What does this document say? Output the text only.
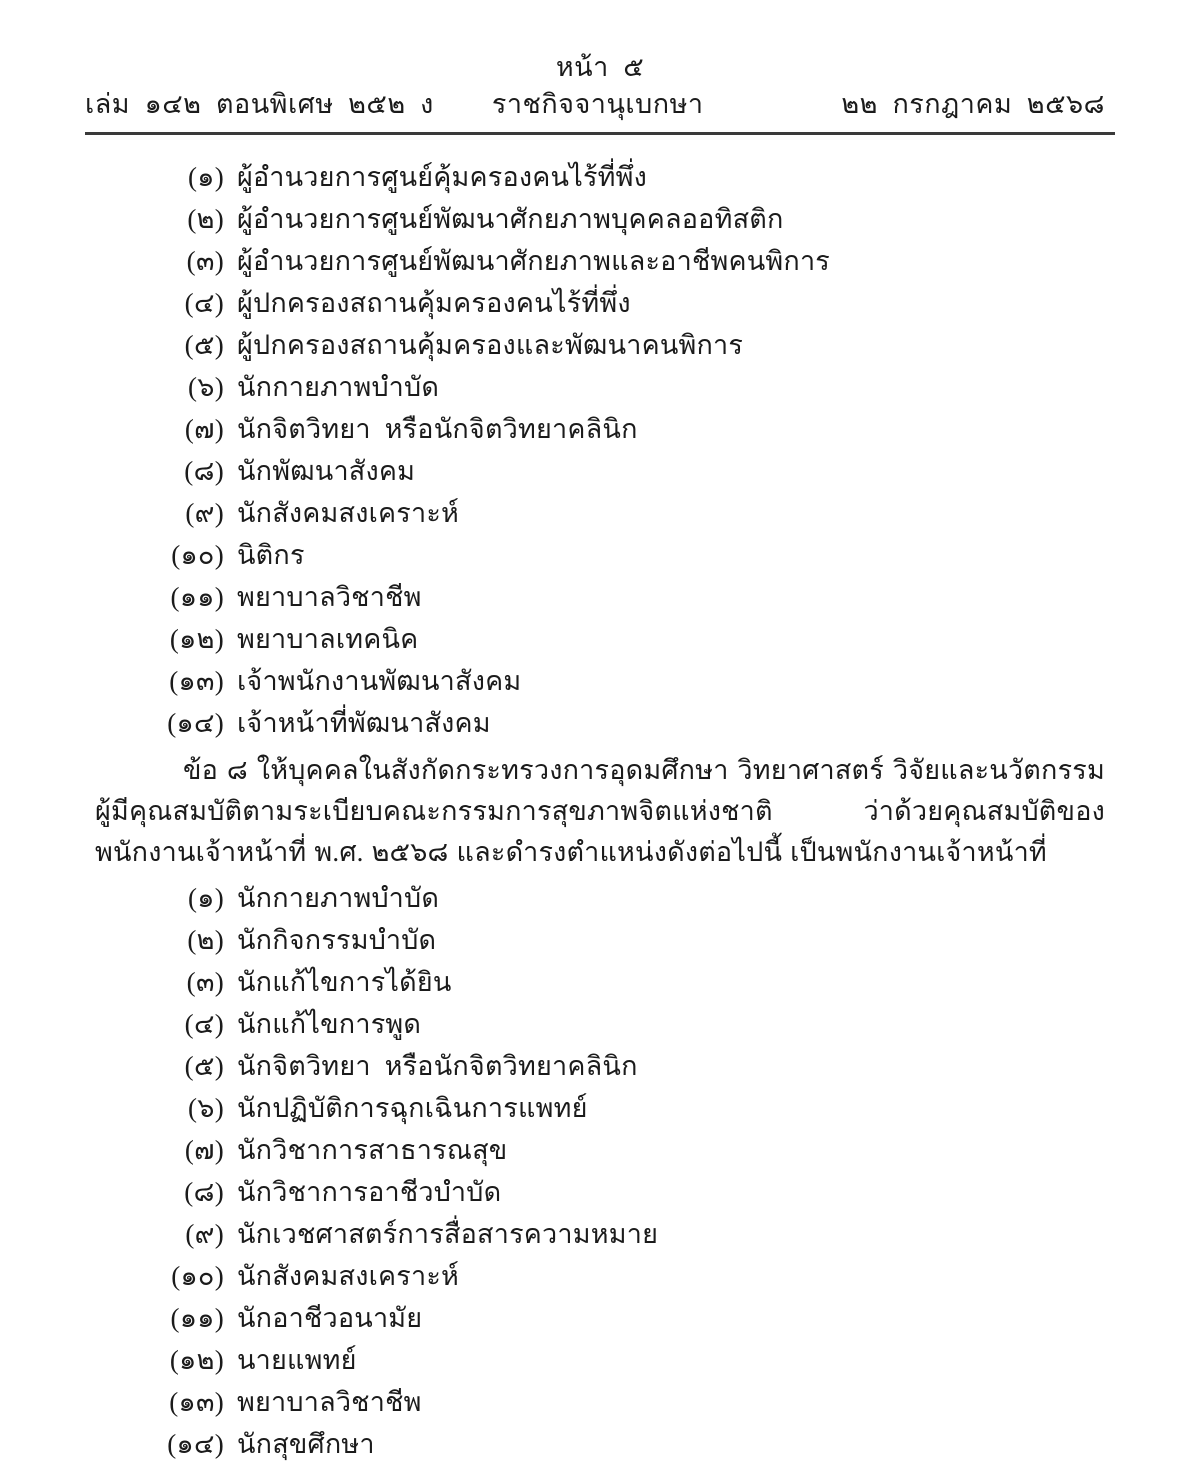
หน้า  ๕
เล่ม  ๑๔๒  ตอนพิเศษ  ๒๕๒  ง ราชกิจจานุเบกษา	๒๒  กรกฎาคม  ๒๕๖๘
(๑) ผู้อำนวยการศูนย์คุ้มครองคนไร้ที่พึ่ง
(๒) ผู้อำนวยการศูนย์พัฒนาศักยภาพบุคคลออทิสติก
(๓) ผู้อำนวยการศูนย์พัฒนาศักยภาพและอาชีพคนพิการ
(๔) ผู้ปกครองสถานคุ้มครองคนไร้ที่พึ่ง
(๕) ผู้ปกครองสถานคุ้มครองและพัฒนาคนพิการ
(๖) นักกายภาพบำบัด
(๗) นักจิตวิทยา  หรือนักจิตวิทยาคลินิก
(๘) นักพัฒนาสังคม
(๙) นักสังคมสงเคราะห์
(๑๐) นิติกร
(๑๑) พยาบาลวิชาชีพ
(๑๒) พยาบาลเทคนิค
(๑๓) เจ้าพนักงานพัฒนาสังคม
(๑๔) เจ้าหน้าที่พัฒนาสังคม

ข้อ ๘ ให้บุคคลในสังกัดกระทรวงการอุดมศึกษา วิทยาศาสตร์ วิจัยและนวัตกรรม ผู้มีคุณสมบัติตามระเบียบคณะกรรมการสุขภาพจิตแห่งชาติ ว่าด้วยคุณสมบัติของพนักงานเจ้าหน้าที่ พ.ศ. ๒๕๖๘ และดำรงตำแหน่งดังต่อไปนี้ เป็นพนักงานเจ้าหน้าที่

(๑) นักกายภาพบำบัด
(๒) นักกิจกรรมบำบัด
(๓) นักแก้ไขการได้ยิน
(๔) นักแก้ไขการพูด
(๕) นักจิตวิทยา  หรือนักจิตวิทยาคลินิก
(๖) นักปฏิบัติการฉุกเฉินการแพทย์
(๗) นักวิชาการสาธารณสุข
(๘) นักวิชาการอาชีวบำบัด
(๙) นักเวชศาสตร์การสื่อสารความหมาย
(๑๐) นักสังคมสงเคราะห์
(๑๑) นักอาชีวอนามัย
(๑๒) นายแพทย์
(๑๓) พยาบาลวิชาชีพ
(๑๔) นักสุขศึกษา
